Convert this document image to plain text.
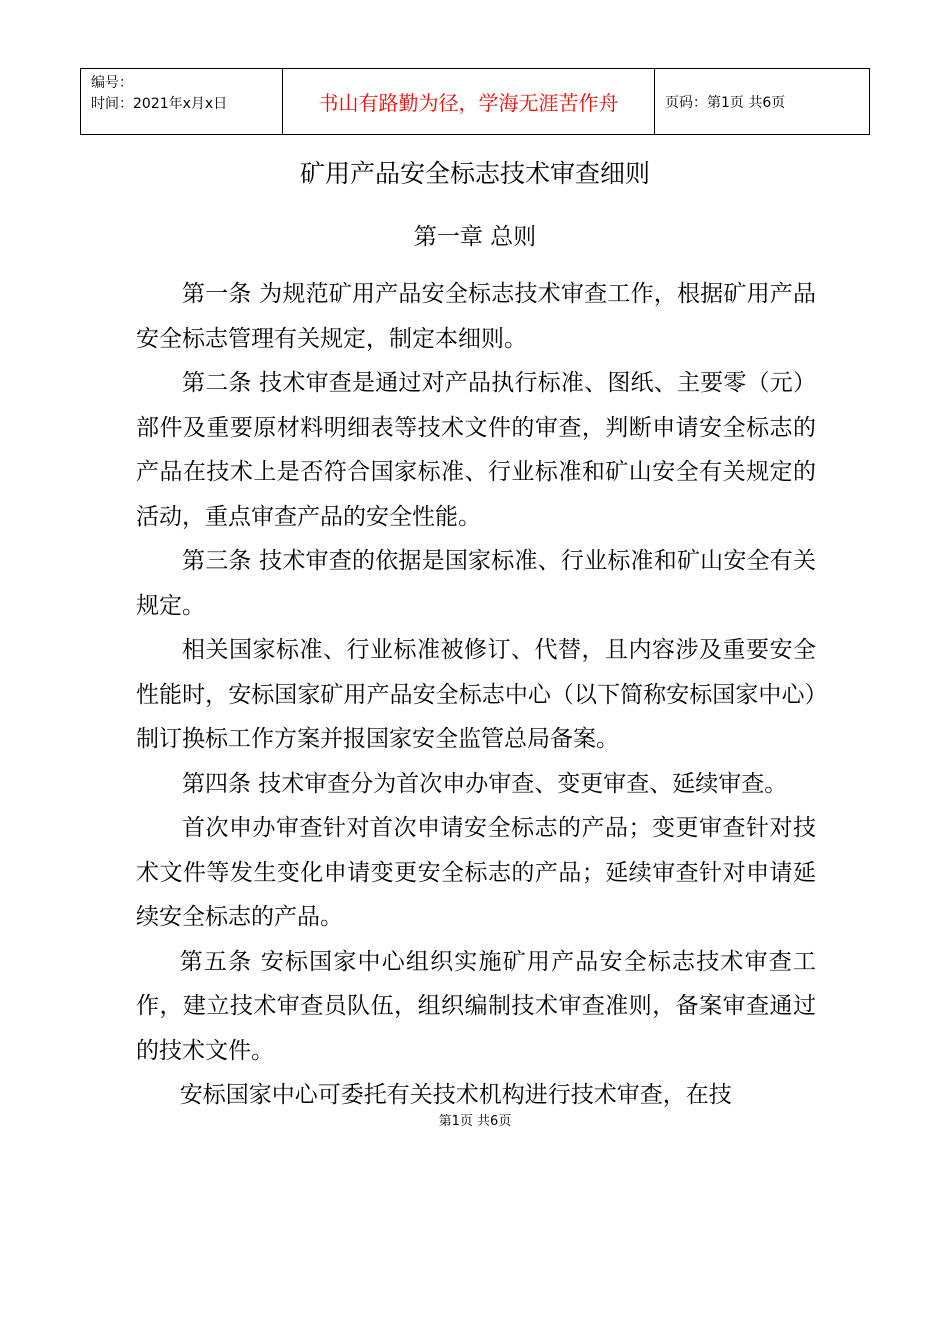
编号：
时间：2021年x月x日	书山有路勤为径，学海无涯苦作舟	页码：第1页 共6页
矿用产品安全标志技术审查细则
第一章 总则

第一条 为规范矿用产品安全标志技术审查工作，根据矿用产品安全标志管理有关规定，制定本细则。

第二条 技术审查是通过对产品执行标准、图纸、主要零（元）部件及重要原材料明细表等技术文件的审查，判断申请安全标志的产品在技术上是否符合国家标准、行业标准和矿山安全有关规定的活动，重点审查产品的安全性能。

第三条 技术审查的依据是国家标准、行业标准和矿山安全有关规定。

相关国家标准、行业标准被修订、代替，且内容涉及重要安全性能时，安标国家矿用产品安全标志中心（以下简称安标国家中心）制订换标工作方案并报国家安全监管总局备案。

第四条 技术审查分为首次申办审查、变更审查、延续审查。

首次申办审查针对首次申请安全标志的产品；变更审查针对技术文件等发生变化申请变更安全标志的产品；延续审查针对申请延续安全标志的产品。

第五条 安标国家中心组织实施矿用产品安全标志技术审查工作，建立技术审查员队伍，组织编制技术审查准则，备案审查通过的技术文件。

安标国家中心可委托有关技术机构进行技术审查，在技

第1页 共6页
